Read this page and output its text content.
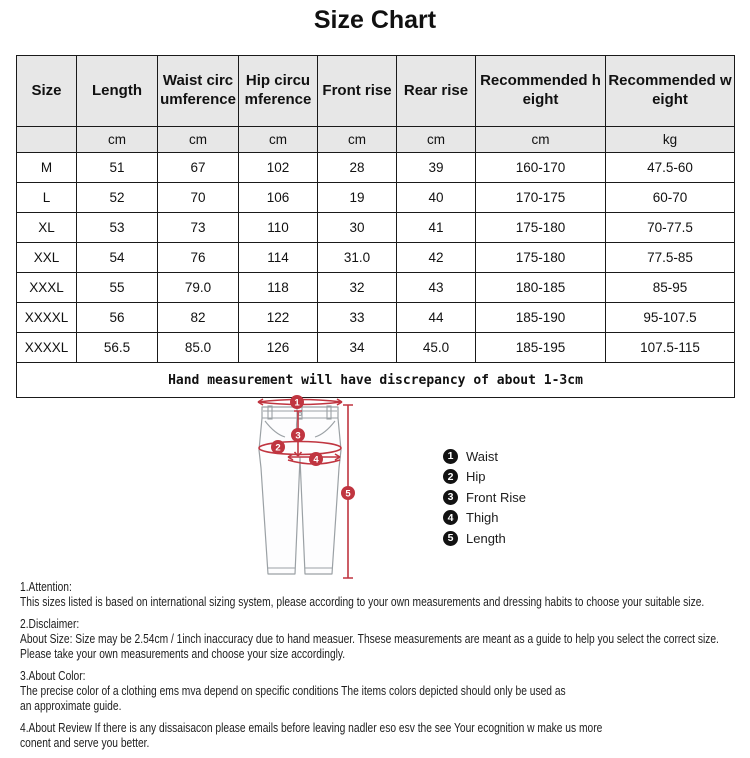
Size Chart
Size	Length	Waist circumference	Hip circumference	Front rise	Rear rise	Recommended height	Recommended weight
	cm	cm	cm	cm	cm	cm	kg
M	51	67	102	28	39	160-170	47.5-60
L	52	70	106	19	40	170-175	60-70
XL	53	73	110	30	41	175-180	70-77.5
XXL	54	76	114	31.0	42	175-180	77.5-85
XXXL	55	79.0	118	32	43	180-185	85-95
XXXXL	56	82	122	33	44	185-190	95-107.5
XXXXL	56.5	85.0	126	34	45.0	185-195	107.5-115
Hand measurement will have discrepancy of about 1-3cm							
1
2
3
4
5
1 Waist
2 Hip
3 Front Rise
4 Thigh
5 Length
1.Attention:
This sizes listed is based on international sizing system, please according to your own measurements and dressing habits to choose your suitable size.
2.Disclaimer:
About Size: Size may be 2.54cm / 1inch inaccuracy due to hand measuer. Thsese measurements are meant as a guide to help you select the correct size.
Please take your own measurements and choose your size accordingly.
3.About Color:
The precise color of a clothing ems mva depend on specific conditions The items colors depicted should only be used as
an approximate guide.
4.About Review If there is any dissaisacon please emails before leaving nadler eso esv the see Your ecognition w make us more
conent and serve you better.
